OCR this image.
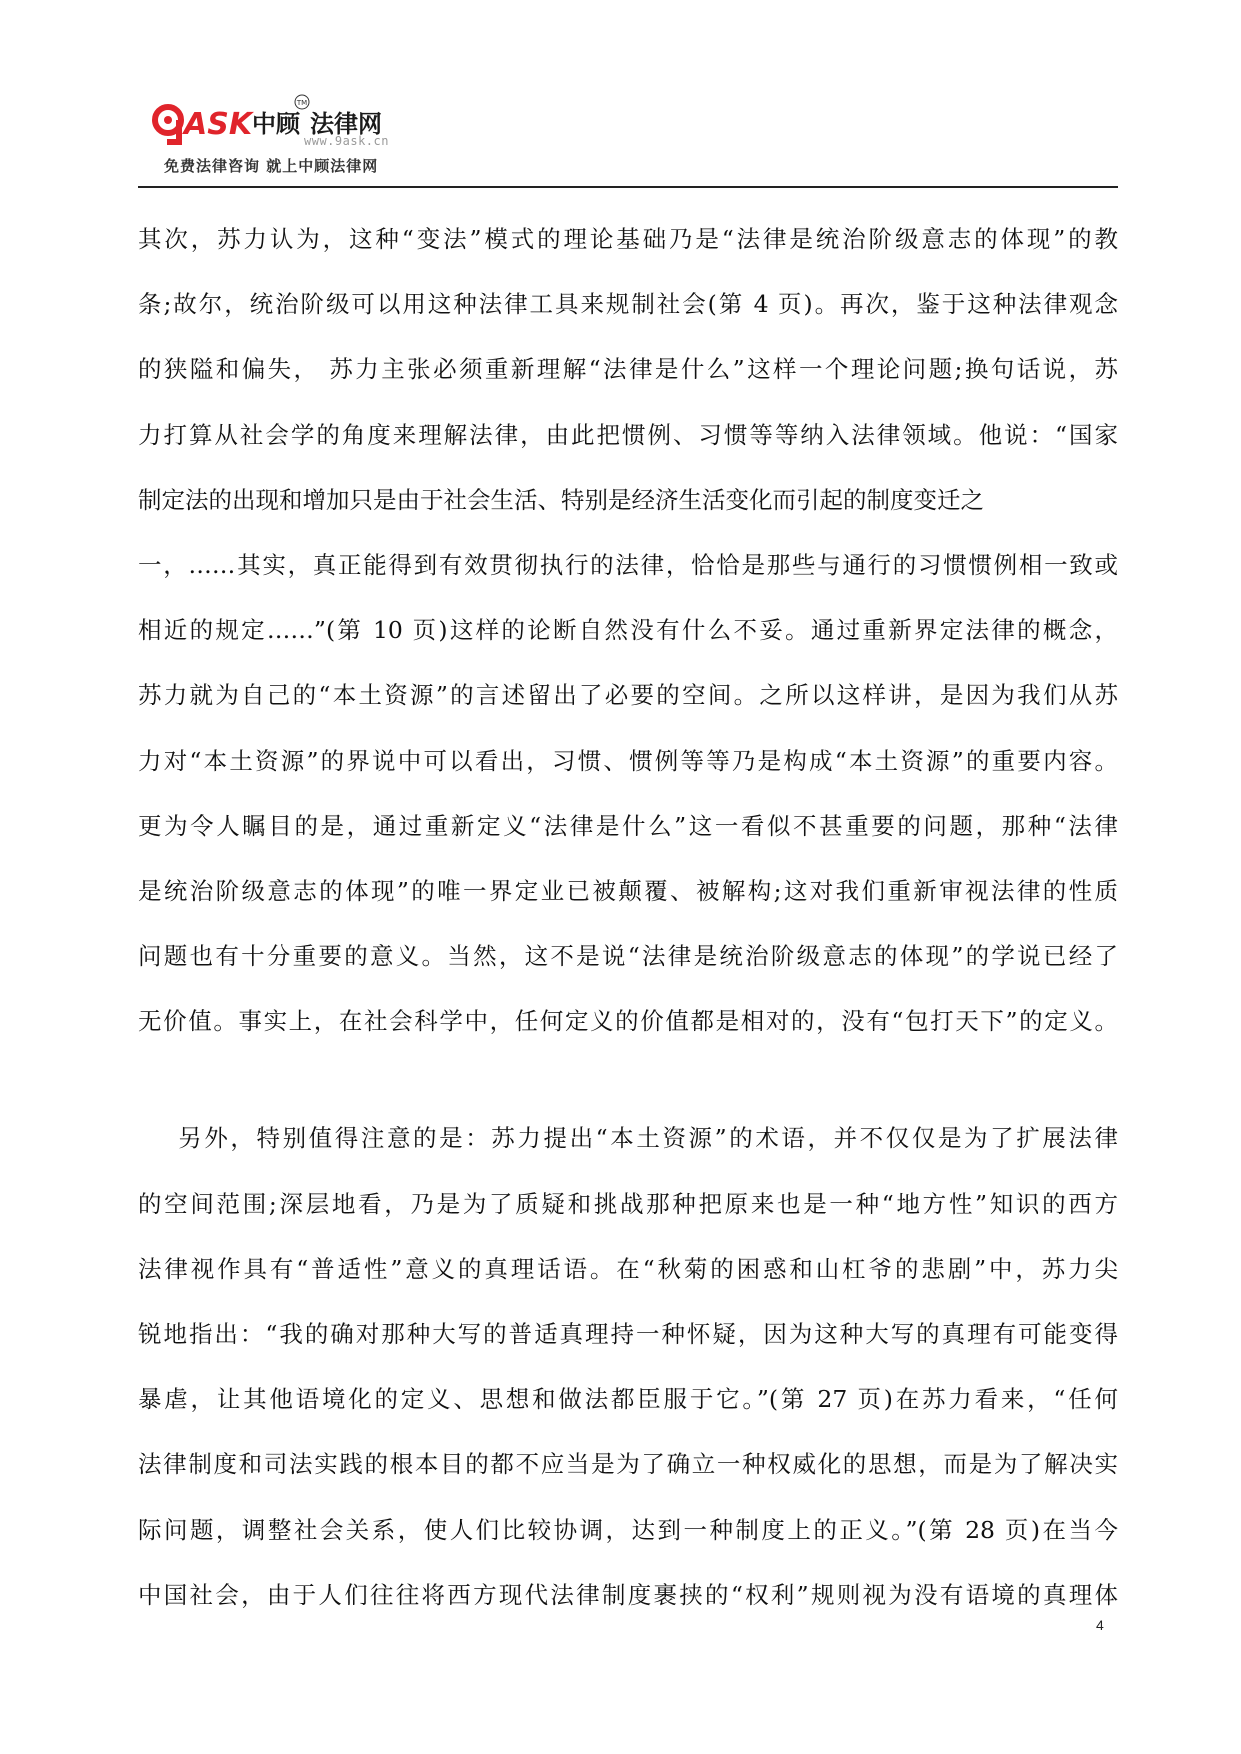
ASK 中顾 法律网
TM
www.9ask.cn
免费法律咨询 就上中顾法律网
其次，苏力认为，这种“变法”模式的理论基础乃是“法律是统治阶级意志的体现”的教
条;故尔，统治阶级可以用这种法律工具来规制社会(第 4 页)。再次，鉴于这种法律观念
的狭隘和偏失， 苏力主张必须重新理解“法律是什么”这样一个理论问题;换句话说，苏
力打算从社会学的角度来理解法律，由此把惯例、习惯等等纳入法律领域。他说：“国家
制定法的出现和增加只是由于社会生活、特别是经济生活变化而引起的制度变迁之
一，……其实，真正能得到有效贯彻执行的法律，恰恰是那些与通行的习惯惯例相一致或
相近的规定……”(第 10 页)这样的论断自然没有什么不妥。通过重新界定法律的概念，
苏力就为自己的“本土资源”的言述留出了必要的空间。之所以这样讲，是因为我们从苏
力对“本土资源”的界说中可以看出，习惯、惯例等等乃是构成“本土资源”的重要内容。
更为令人瞩目的是，通过重新定义“法律是什么”这一看似不甚重要的问题，那种“法律
是统治阶级意志的体现”的唯一界定业已被颠覆、被解构;这对我们重新审视法律的性质
问题也有十分重要的意义。当然，这不是说“法律是统治阶级意志的体现”的学说已经了
无价值。事实上，在社会科学中，任何定义的价值都是相对的，没有“包打天下”的定义。
另外，特别值得注意的是：苏力提出“本土资源”的术语，并不仅仅是为了扩展法律
的空间范围;深层地看，乃是为了质疑和挑战那种把原来也是一种“地方性”知识的西方
法律视作具有“普适性”意义的真理话语。在“秋菊的困惑和山杠爷的悲剧”中，苏力尖
锐地指出：“我的确对那种大写的普适真理持一种怀疑，因为这种大写的真理有可能变得
暴虐，让其他语境化的定义、思想和做法都臣服于它。”(第 27 页)在苏力看来，“任何
法律制度和司法实践的根本目的都不应当是为了确立一种权威化的思想，而是为了解决实
际问题，调整社会关系，使人们比较协调，达到一种制度上的正义。”(第 28 页)在当今
中国社会，由于人们往往将西方现代法律制度裹挟的“权利”规则视为没有语境的真理体
4
